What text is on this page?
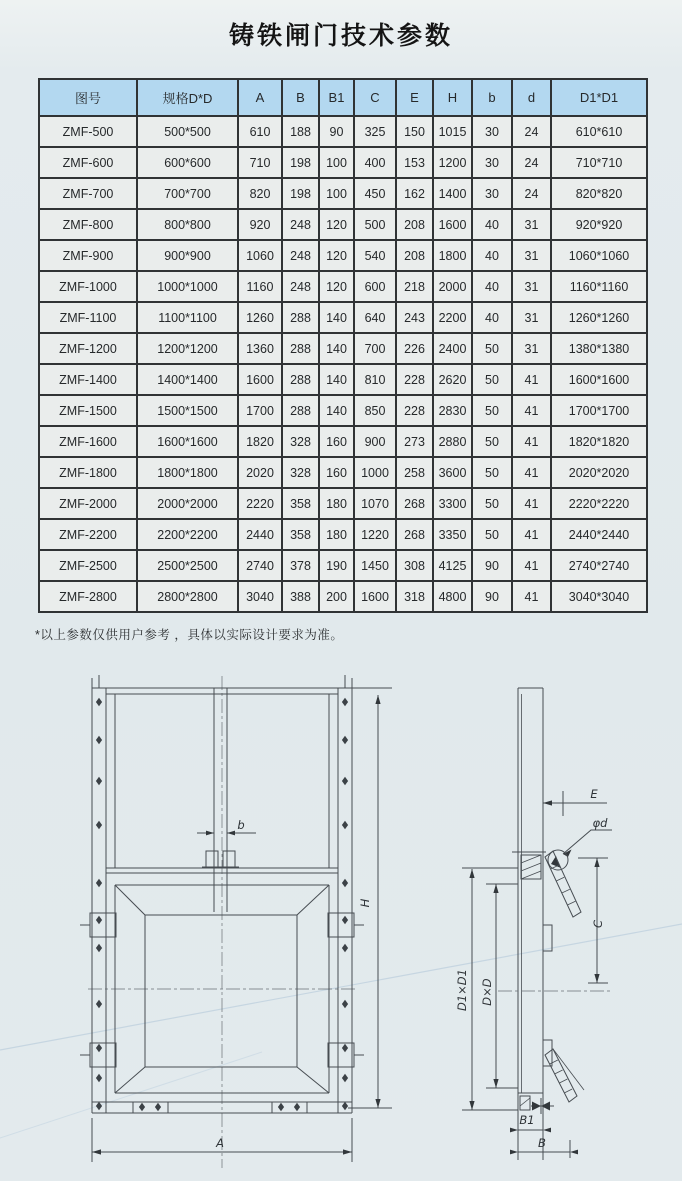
铸铁闸门技术参数
图号	规格D*D	A	B	B1	C	E	H	b	d	D1*D1
ZMF-500	500*500	610	188	90	325	150	1015	30	24	610*610
ZMF-600	600*600	710	198	100	400	153	1200	30	24	710*710
ZMF-700	700*700	820	198	100	450	162	1400	30	24	820*820
ZMF-800	800*800	920	248	120	500	208	1600	40	31	920*920
ZMF-900	900*900	1060	248	120	540	208	1800	40	31	1060*1060
ZMF-1000	1000*1000	1160	248	120	600	218	2000	40	31	1160*1160
ZMF-1100	1100*1100	1260	288	140	640	243	2200	40	31	1260*1260
ZMF-1200	1200*1200	1360	288	140	700	226	2400	50	31	1380*1380
ZMF-1400	1400*1400	1600	288	140	810	228	2620	50	41	1600*1600
ZMF-1500	1500*1500	1700	288	140	850	228	2830	50	41	1700*1700
ZMF-1600	1600*1600	1820	328	160	900	273	2880	50	41	1820*1820
ZMF-1800	1800*1800	2020	328	160	1000	258	3600	50	41	2020*2020
ZMF-2000	2000*2000	2220	358	180	1070	268	3300	50	41	2220*2220
ZMF-2200	2200*2200	2440	358	180	1220	268	3350	50	41	2440*2440
ZMF-2500	2500*2500	2740	378	190	1450	308	4125	90	41	2740*2740
ZMF-2800	2800*2800	3040	388	200	1600	318	4800	90	41	3040*3040

*以上参数仅供用户参考 ，具体以实际设计要求为准。

b
A
H
E
φd
D1×D1 D×D
C
B1
B
